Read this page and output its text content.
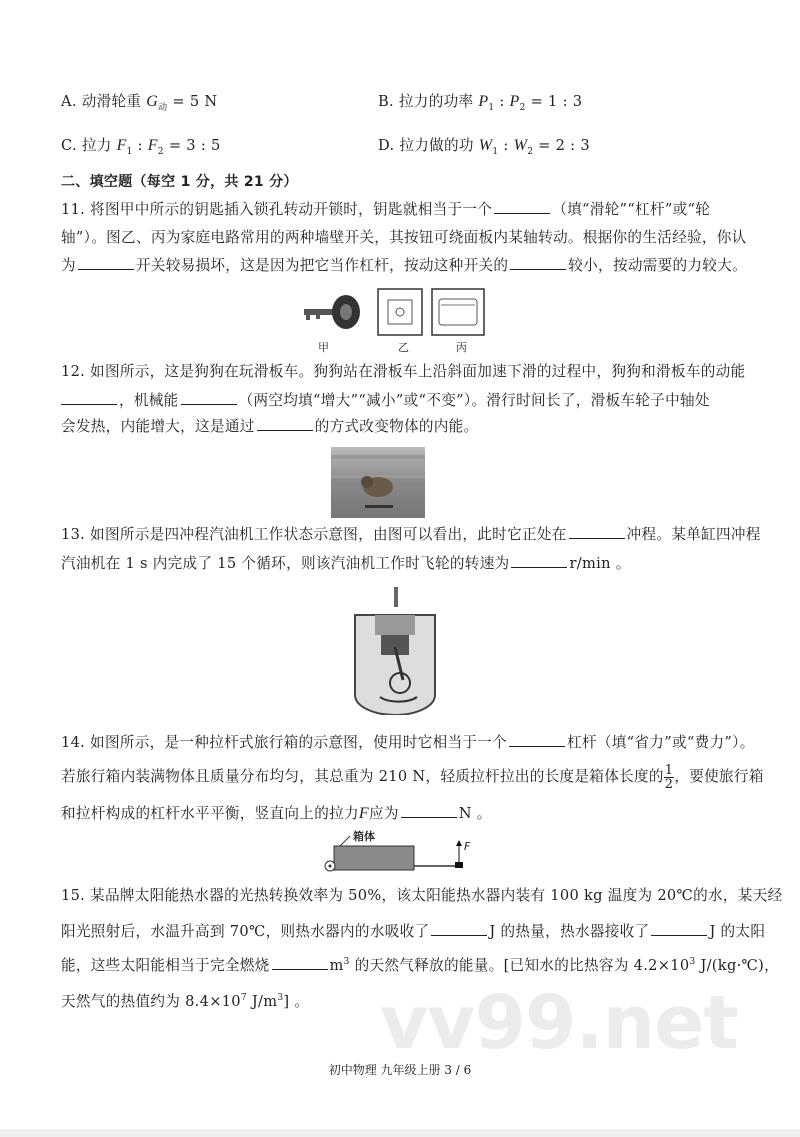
A. 动滑轮重 $G_动 = 5$ N	B. 拉力的功率 $P_1$ : $P_2 = 1$ : 3
C. 拉力 $F_1$ : $F_2 = 3$ : 5	D. 拉力做的功 $W_1$ : $W_2 = 2$ : 3
二、填空题（每空 1 分，共 21 分）
11. 将图甲中所示的钥匙插入锁孔转动开锁时，钥匙就相当于一个	（填“滑轮”“杠杆”或“轮
轴”）。图乙、丙为家庭电路常用的两种墙壁开关，其按钮可绕面板内某轴转动。根据你的生活经验，你认
为	开关较易损坏，这是因为把它当作杠杆，按动这种开关的	较小，按动需要的力较大。
甲	乙	丙
12. 如图所示，这是狗狗在玩滑板车。狗狗站在滑板车上沿斜面加速下滑的过程中，狗狗和滑板车的动能
，机械能	（两空均填“增大”“减小”或“不变”）。滑行时间长了，滑板车轮子中轴处
会发热，内能增大，这是通过	的方式改变物体的内能。
13. 如图所示是四冲程汽油机工作状态示意图，由图可以看出，此时它正处在	冲程。某单缸四冲程
汽油机在 1 s 内完成了 15 个循环，则该汽油机工作时飞轮的转速为	r/min 。
14. 如图所示，是一种拉杆式旅行箱的示意图，使用时它相当于一个	杠杆（填“省力”或“费力”）。
若旅行箱内装满物体且质量分布均匀，其总重为 210 N，轻质拉杆拉出的长度是箱体长度的 $\frac{1}{2}$ ，要使旅行箱
和拉杆构成的杠杆水平平衡，竖直向上的拉力F应为	N 。
箱体
F
15. 某品牌太阳能热水器的光热转换效率为 50%，该太阳能热水器内装有 100 kg 温度为 20℃的水，某天经
阳光照射后，水温升高到 70℃，则热水器内的水吸收了	J 的热量，热水器接收了	J 的太阳
能，这些太阳能相当于完全燃烧	$m^3$ 的天然气释放的能量。[已知水的比热容为 $4.2\times 10^3$ J/(kg·℃)，
天然气的热值约为 $8.4\times 10^7$ $J/m^3$] 。 vv99.net
初中物理 九年级上册 3 / 6
